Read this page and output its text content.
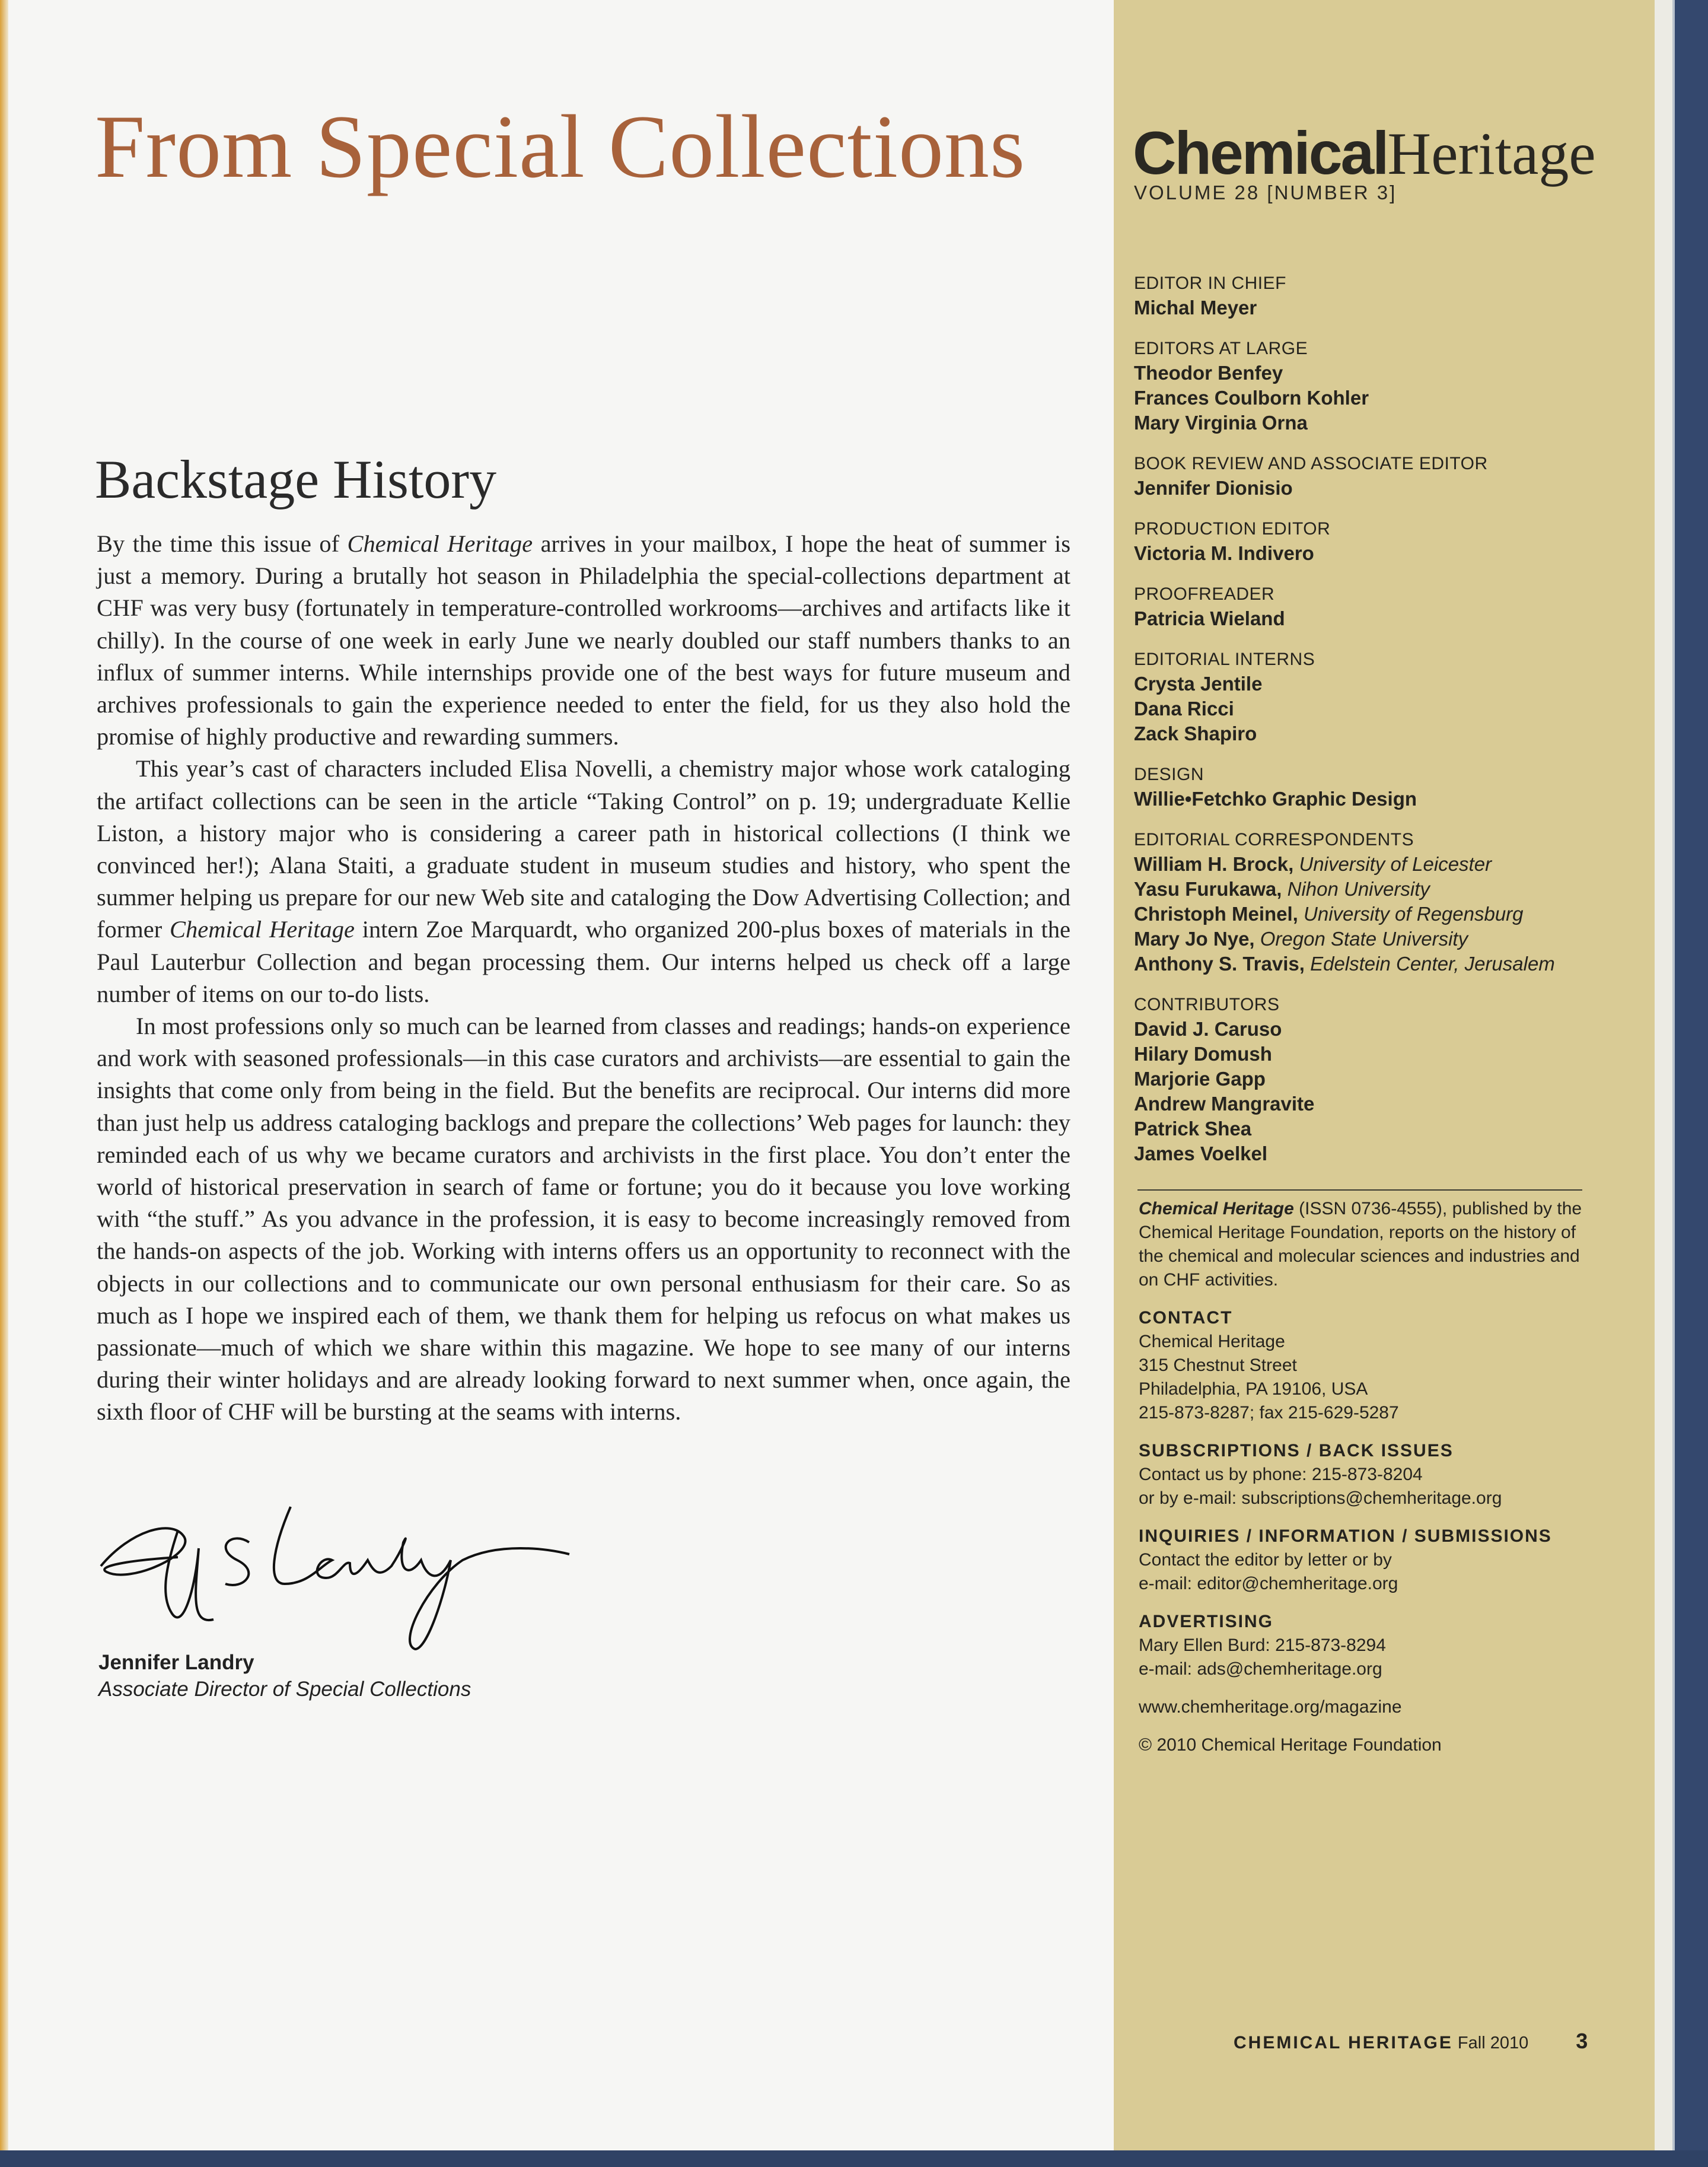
From Special Collections
Backstage History

By the time this issue of Chemical Heritage arrives in your mailbox, I hope the heat of summer is just a memory. During a brutally hot season in Philadelphia the special-collections department at CHF was very busy (fortunately in temperature-controlled workrooms—archives and artifacts like it chilly). In the course of one week in early June we nearly doubled our staff numbers thanks to an influx of summer interns. While internships provide one of the best ways for future museum and archives professionals to gain the experience needed to enter the field, for us they also hold the promise of highly productive and rewarding summers.

This year’s cast of characters included Elisa Novelli, a chemistry major whose work cataloging the artifact collections can be seen in the article “Taking Control” on p. 19; undergraduate Kellie Liston, a history major who is considering a career path in historical collections (I think we convinced her!); Alana Staiti, a graduate student in museum studies and history, who spent the summer helping us prepare for our new Web site and cataloging the Dow Advertising Collection; and former Chemical Heritage intern Zoe Marquardt, who organized 200-plus boxes of materials in the Paul Lauterbur Collection and began processing them. Our interns helped us check off a large number of items on our to-do lists.

In most professions only so much can be learned from classes and readings; hands-on experience and work with seasoned professionals—in this case curators and archivists—are essential to gain the insights that come only from being in the field. But the benefits are reciprocal. Our interns did more than just help us address cataloging backlogs and prepare the collections’ Web pages for launch: they reminded each of us why we became curators and archivists in the first place. You don’t enter the world of historical preservation in search of fame or fortune; you do it because you love working with “the stuff.” As you advance in the profession, it is easy to become increasingly removed from the hands-on aspects of the job. Working with interns offers us an opportunity to reconnect with the objects in our collections and to communicate our own personal enthusiasm for their care. So as much as I hope we inspired each of them, we thank them for helping us refocus on what makes us passionate—much of which we share within this magazine. We hope to see many of our interns during their winter holidays and are already looking forward to next summer when, once again, the sixth floor of CHF will be bursting at the seams with interns.

Jennifer Landry
Associate Director of Special Collections
ChemicalHeritage
VOLUME 28 [NUMBER 3]
EDITOR IN CHIEF
Michal Meyer
EDITORS AT LARGE
Theodor Benfey
Frances Coulborn Kohler
Mary Virginia Orna
BOOK REVIEW AND ASSOCIATE EDITOR
Jennifer Dionisio
PRODUCTION EDITOR
Victoria M. Indivero
PROOFREADER
Patricia Wieland
EDITORIAL INTERNS
Crysta Jentile
Dana Ricci
Zack Shapiro
DESIGN
Willie•Fetchko Graphic Design
EDITORIAL CORRESPONDENTS
William H. Brock, University of Leicester
Yasu Furukawa, Nihon University
Christoph Meinel, University of Regensburg
Mary Jo Nye, Oregon State University
Anthony S. Travis, Edelstein Center, Jerusalem
CONTRIBUTORS
David J. Caruso
Hilary Domush
Marjorie Gapp
Andrew Mangravite
Patrick Shea
James Voelkel
Chemical Heritage (ISSN 0736-4555), published by the Chemical Heritage Foundation, reports on the history of the chemical and molecular sciences and industries and on CHF activities.
CONTACT
Chemical Heritage
315 Chestnut Street
Philadelphia, PA 19106, USA
215-873-8287; fax 215-629-5287
SUBSCRIPTIONS / BACK ISSUES
Contact us by phone: 215-873-8204
or by e-mail: subscriptions@chemheritage.org
INQUIRIES / INFORMATION / SUBMISSIONS
Contact the editor by letter or by
e-mail: editor@chemheritage.org
ADVERTISING
Mary Ellen Burd: 215-873-8294
e-mail: ads@chemheritage.org
www.chemheritage.org/magazine
© 2010 Chemical Heritage Foundation
CHEMICAL HERITAGE Fall 2010 3
